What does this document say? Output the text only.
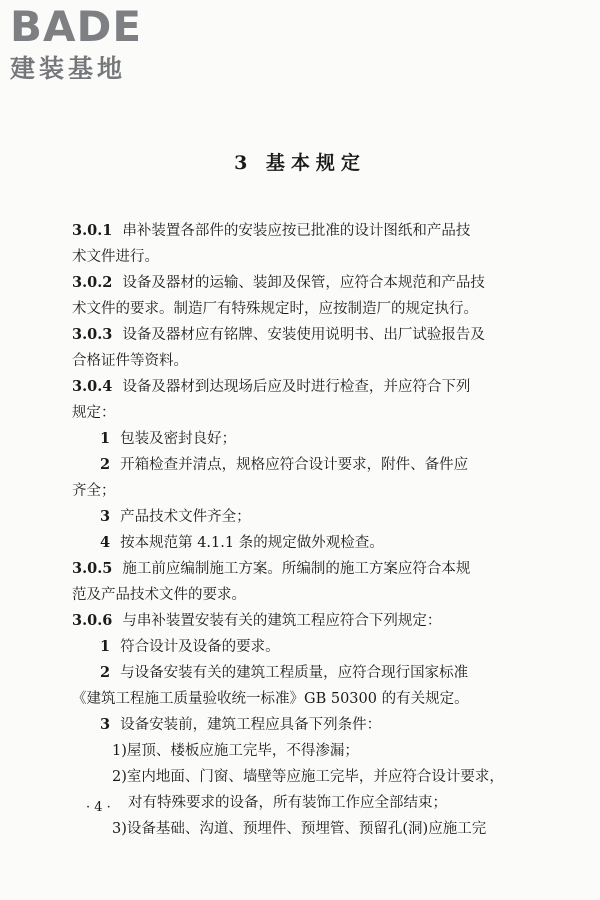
BADE
建装基地
3 基本规定

3.0.1 串补装置各部件的安装应按已批准的设计图纸和产品技

术文件进行。

3.0.2 设备及器材的运输、装卸及保管，应符合本规范和产品技

术文件的要求。制造厂有特殊规定时，应按制造厂的规定执行。

3.0.3 设备及器材应有铭牌、安装使用说明书、出厂试验报告及

合格证件等资料。

3.0.4 设备及器材到达现场后应及时进行检查，并应符合下列

规定：

1 包装及密封良好；

2 开箱检查并清点，规格应符合设计要求，附件、备件应

齐全；

3 产品技术文件齐全；

4 按本规范第 4.1.1 条的规定做外观检查。

3.0.5 施工前应编制施工方案。所编制的施工方案应符合本规

范及产品技术文件的要求。

3.0.6 与串补装置安装有关的建筑工程应符合下列规定：

1 符合设计及设备的要求。

2 与设备安装有关的建筑工程质量，应符合现行国家标准

《建筑工程施工质量验收统一标准》GB 50300 的有关规定。

3 设备安装前，建筑工程应具备下列条件：

1)屋顶、楼板应施工完毕，不得渗漏；

2)室内地面、门窗、墙壁等应施工完毕，并应符合设计要求，

对有特殊要求的设备，所有装饰工作应全部结束；

3)设备基础、沟道、预埋件、预埋管、预留孔(洞)应施工完

· 4 ·
